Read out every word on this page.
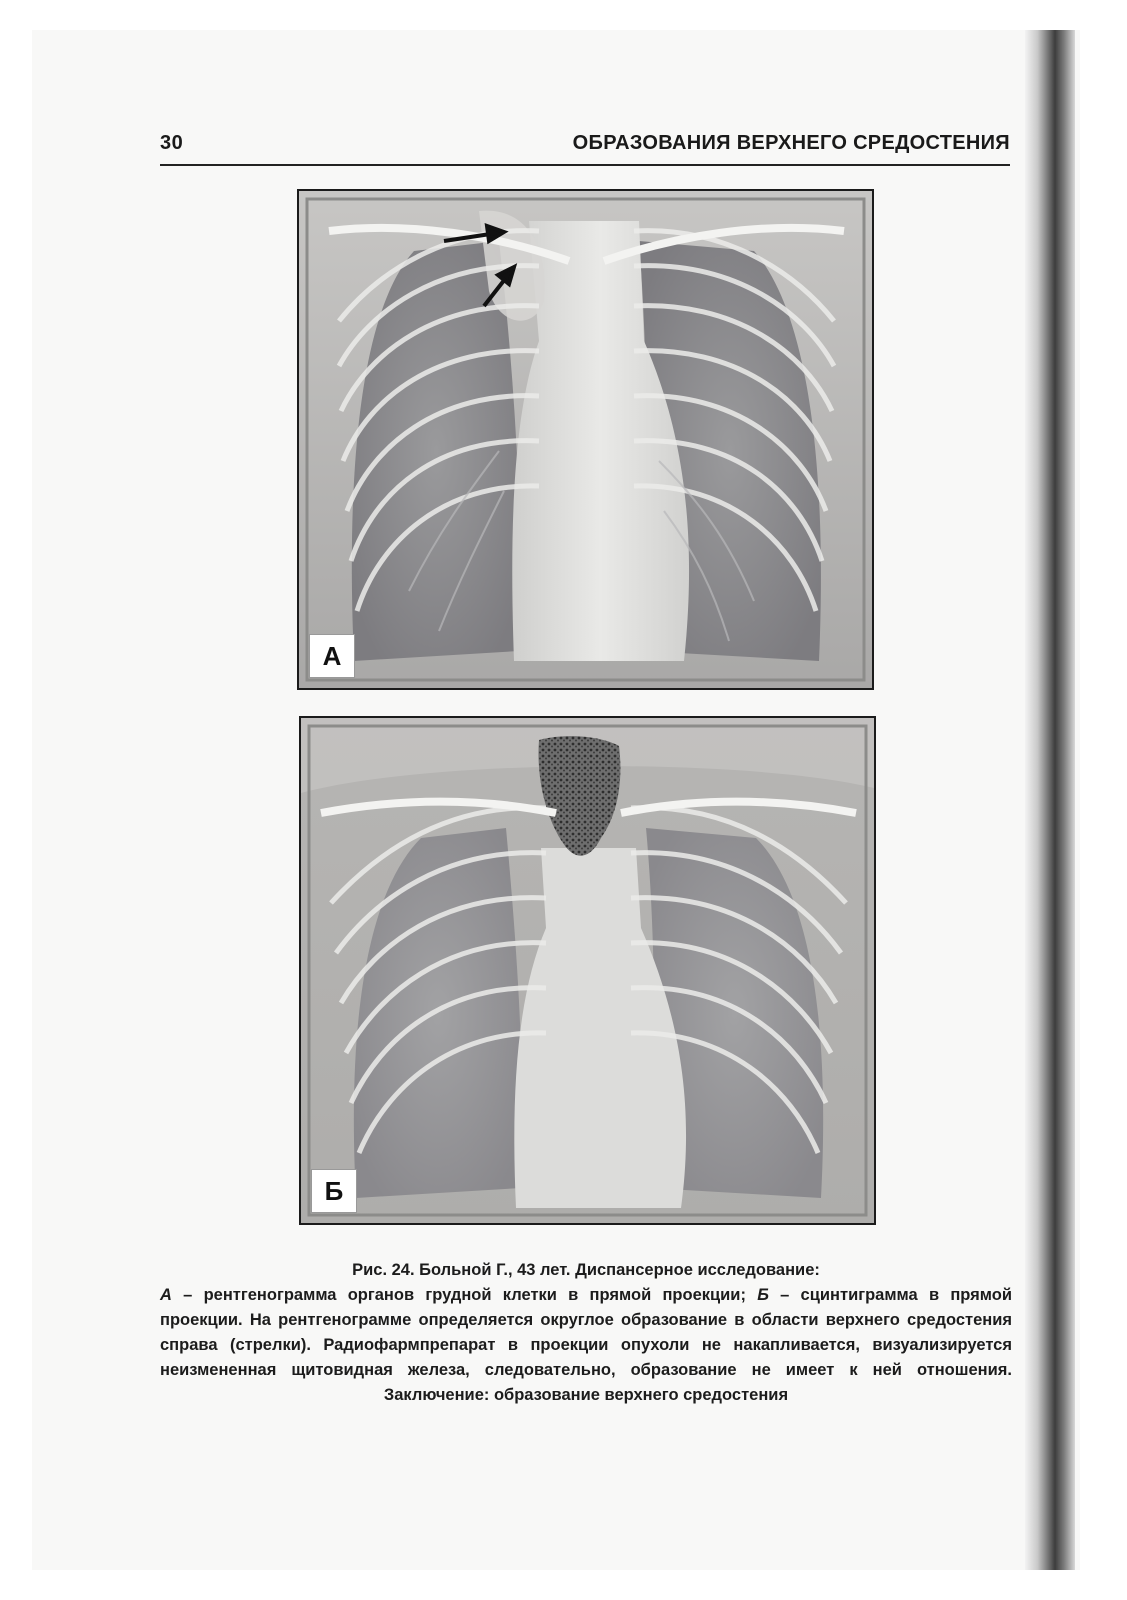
30	ОБРАЗОВАНИЯ ВЕРХНЕГО СРЕДОСТЕНИЯ
А
Б
Рис. 24. Больной Г., 43 лет. Диспансерное исследование:
А – рентгенограмма органов грудной клетки в прямой проекции; Б – сцинтиграмма в прямой проекции. На рентгенограмме определяется округлое образование в области верхнего средостения справа (стрелки). Радиофармпрепарат в проекции опухоли не накапливается, визуализируется неизмененная щитовидная железа, следовательно, образование не имеет к ней отношения. Заключение: образование верхнего средостения
